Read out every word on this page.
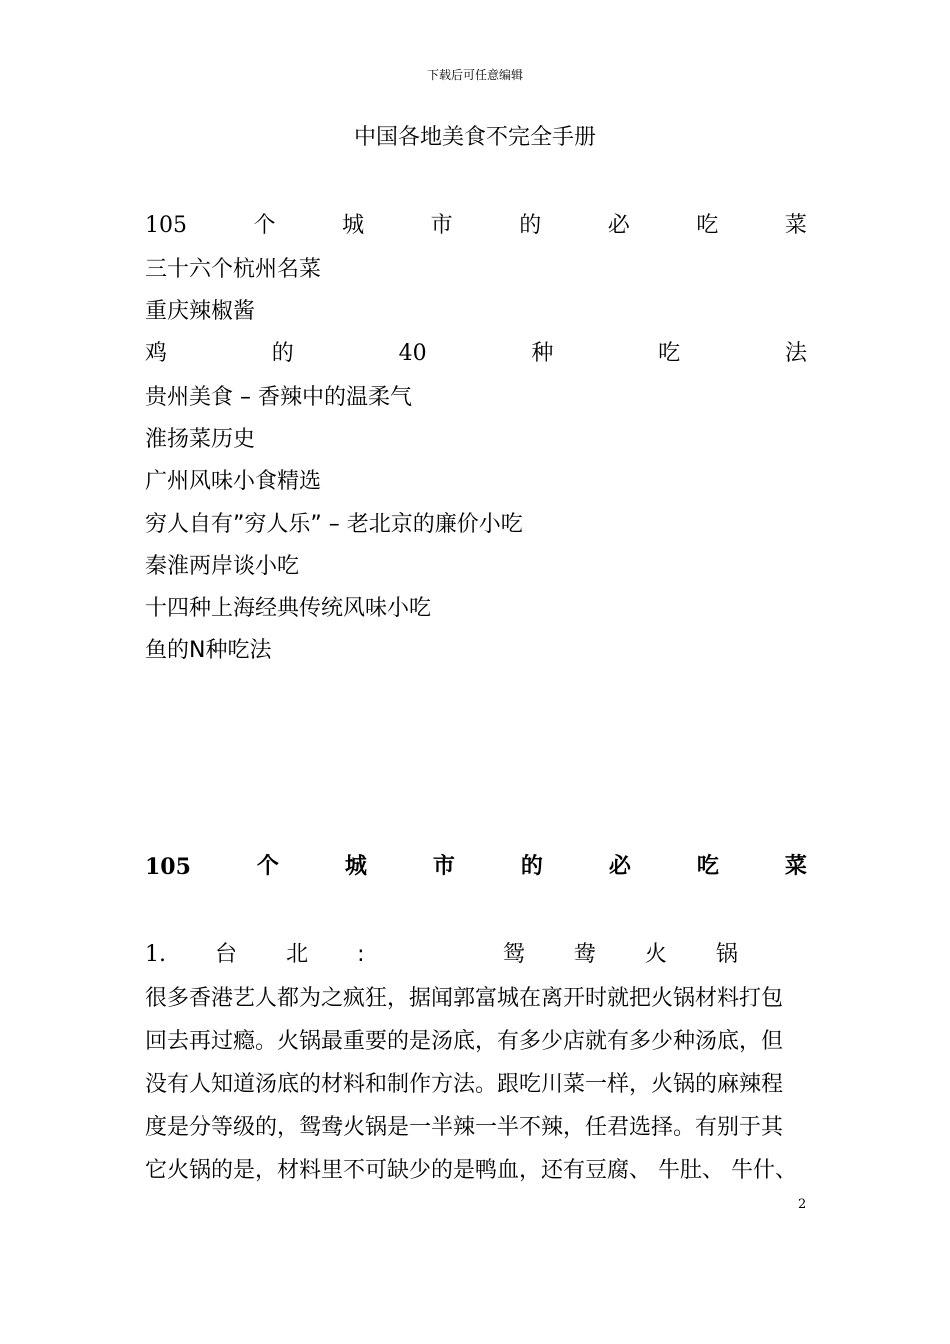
下载后可任意编辑
中国各地美食不完全手册
105	个	城	市	的	必	吃	菜
三十六个杭州名菜
重庆辣椒酱
鸡	的	40	种	吃	法
贵州美食 – 香辣中的温柔气
淮扬菜历史
广州风味小食精选
穷人自有”穷人乐” – 老北京的廉价小吃
秦淮两岸谈小吃
十四种上海经典传统风味小吃
鱼的N种吃法
105	个	城	市	的	必	吃	菜
1. 台 北 :	鸳 鸯 火 锅
很多香港艺人都为之疯狂，据闻郭富城在离开时就把火锅材料打包
回去再过瘾。火锅最重要的是汤底，有多少店就有多少种汤底，但
没有人知道汤底的材料和制作方法。跟吃川菜一样，火锅的麻辣程
度是分等级的，鸳鸯火锅是一半辣一半不辣，任君选择。有别于其
它火锅的是，材料里不可缺少的是鸭血，还有豆腐、 牛肚、 牛什、
2
